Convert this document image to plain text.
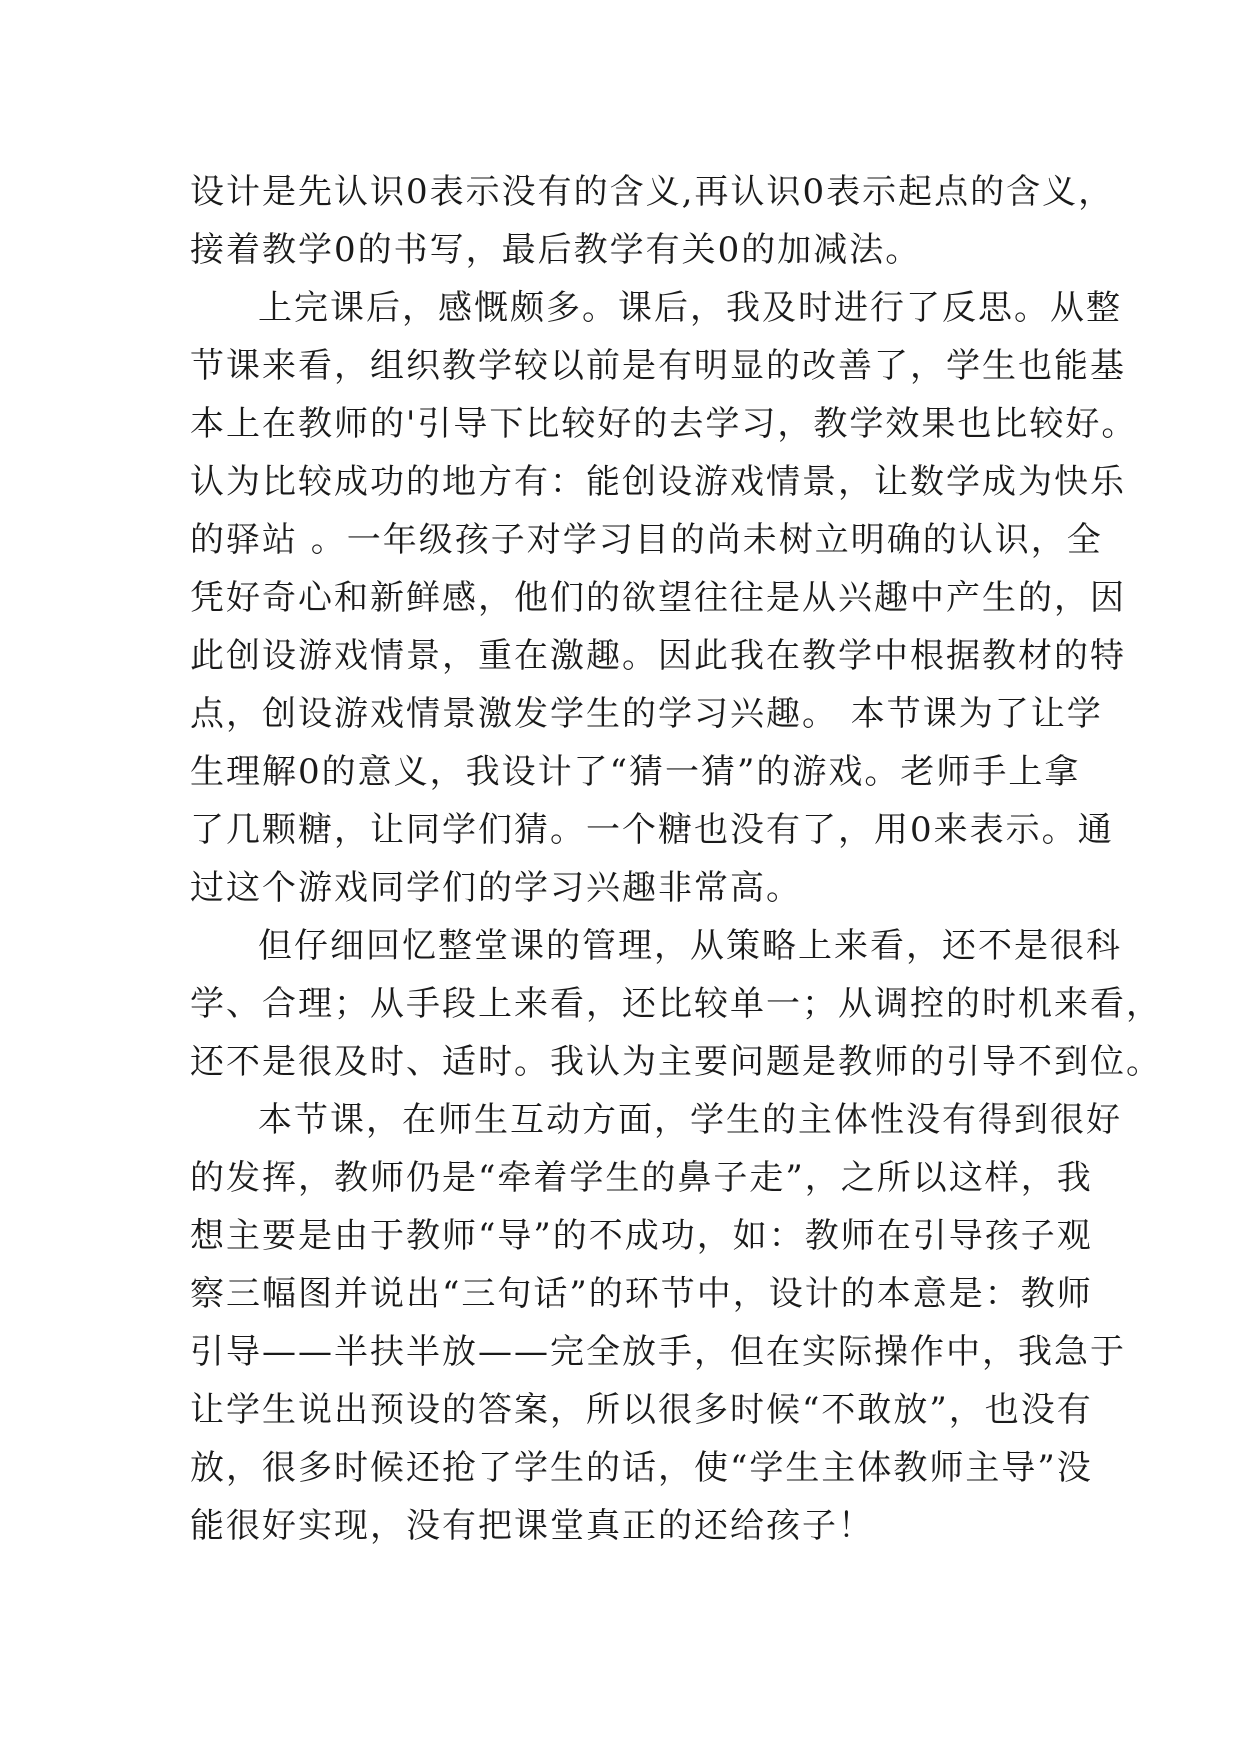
设计是先认识0表示没有的含义,再认识0表示起点的含义，
接着教学0的书写，最后教学有关0的加减法。
上完课后，感慨颇多。课后，我及时进行了反思。从整
节课来看，组织教学较以前是有明显的改善了，学生也能基
本上在教师的'引导下比较好的去学习，教学效果也比较好。
认为比较成功的地方有：能创设游戏情景，让数学成为快乐
的驿站 。一年级孩子对学习目的尚未树立明确的认识，全
凭好奇心和新鲜感，他们的欲望往往是从兴趣中产生的，因
此创设游戏情景，重在激趣。因此我在教学中根据教材的特
点，创设游戏情景激发学生的学习兴趣。 本节课为了让学
生理解0的意义，我设计了“猜一猜”的游戏。老师手上拿
了几颗糖，让同学们猜。一个糖也没有了，用0来表示。通
过这个游戏同学们的学习兴趣非常高。
但仔细回忆整堂课的管理，从策略上来看，还不是很科
学、合理；从手段上来看，还比较单一；从调控的时机来看，
还不是很及时、适时。我认为主要问题是教师的引导不到位。
本节课，在师生互动方面，学生的主体性没有得到很好
的发挥，教师仍是“牵着学生的鼻子走”，之所以这样，我
想主要是由于教师“导”的不成功，如：教师在引导孩子观
察三幅图并说出“三句话”的环节中，设计的本意是：教师
引导——半扶半放——完全放手，但在实际操作中，我急于
让学生说出预设的答案，所以很多时候“不敢放”，也没有
放，很多时候还抢了学生的话，使“学生主体教师主导”没
能很好实现，没有把课堂真正的还给孩子！
